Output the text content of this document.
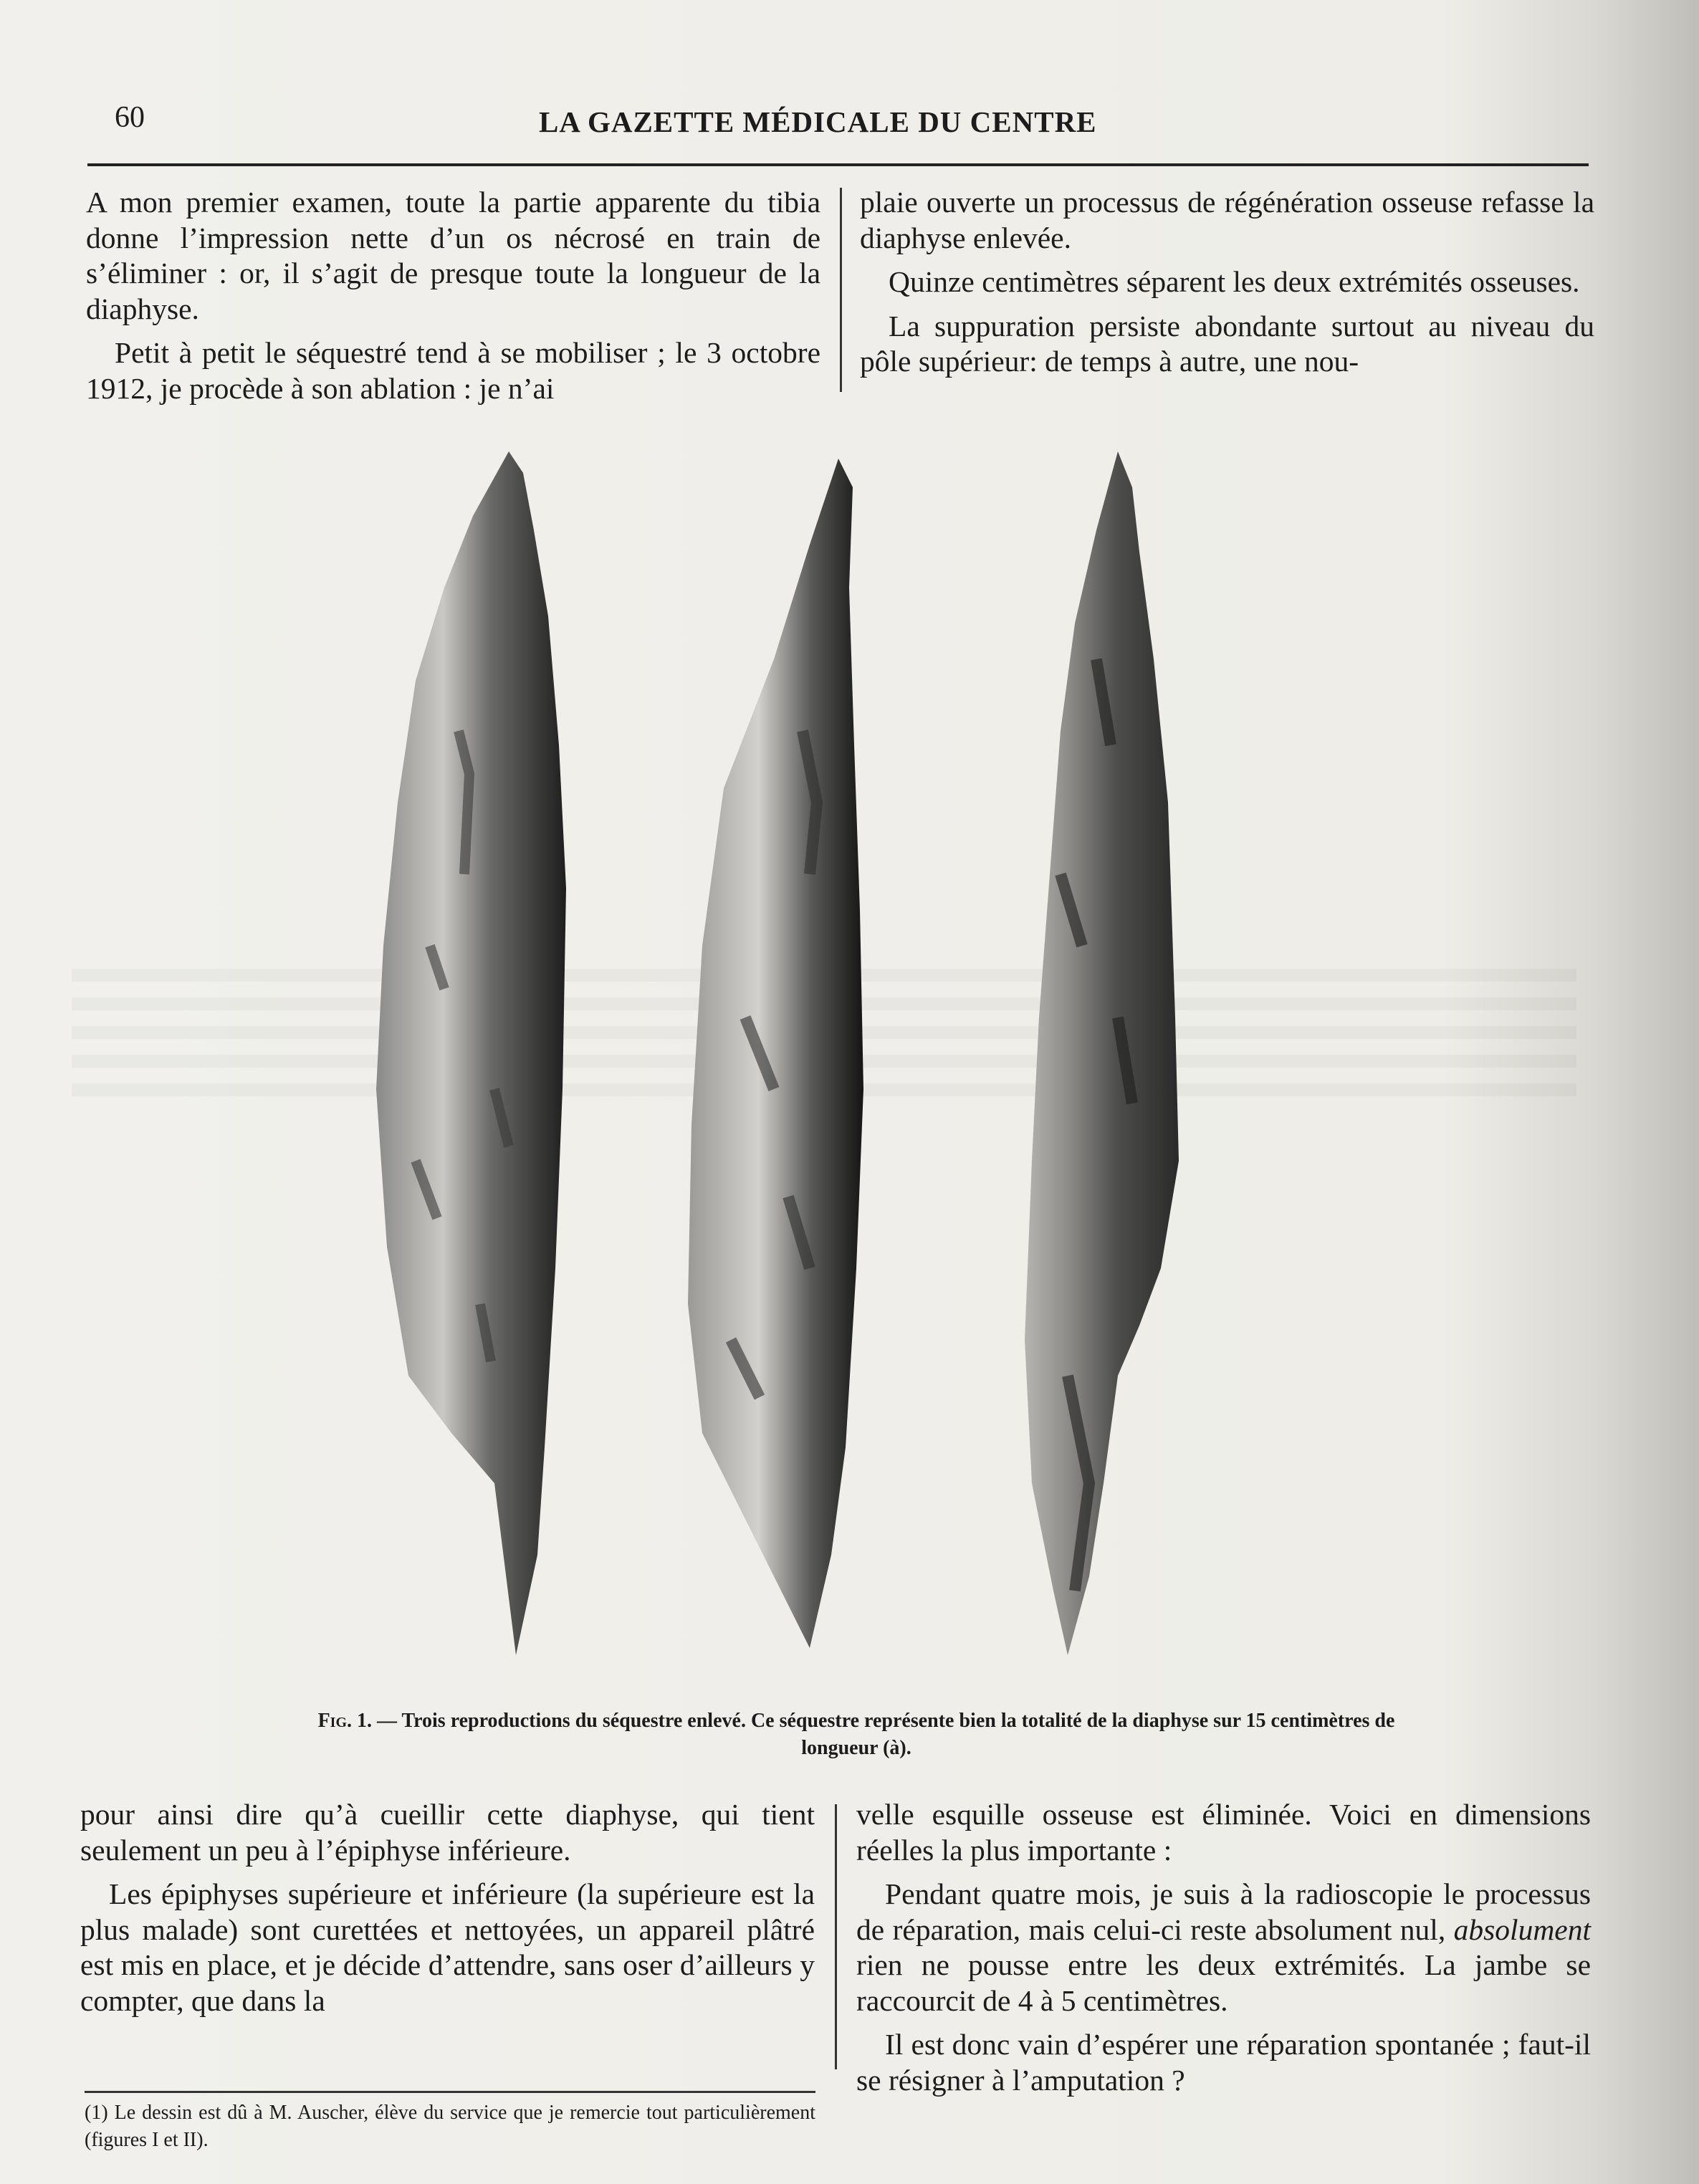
60	LA GAZETTE MÉDICALE DU CENTRE

A mon premier examen, toute la partie apparente du tibia donne l’impression nette d’un os nécrosé en train de s’éliminer : or, il s’agit de presque toute la longueur de la diaphyse.

Petit à petit le séquestré tend à se mobiliser ; le 3 octobre 1912, je procède à son ablation : je n’ai

plaie ouverte un processus de régénération osseuse refasse la diaphyse enlevée.

Quinze centimètres séparent les deux extrémités osseuses.

La suppuration persiste abondante surtout au niveau du pôle supérieur: de temps à autre, une nou-

Fig. 1. — Trois reproductions du séquestre enlevé. Ce séquestre représente bien la totalité de la diaphyse sur 15 centimètres de longueur (à).

pour ainsi dire qu’à cueillir cette diaphyse, qui tient seulement un peu à l’épiphyse inférieure.

Les épiphyses supérieure et inférieure (la supérieure est la plus malade) sont curettées et nettoyées, un appareil plâtré est mis en place, et je décide d’attendre, sans oser d’ailleurs y compter, que dans la

velle esquille osseuse est éliminée. Voici en dimensions réelles la plus importante :

Pendant quatre mois, je suis à la radioscopie le processus de réparation, mais celui-ci reste absolument nul, absolument rien ne pousse entre les deux extrémités. La jambe se raccourcit de 4 à 5 centimètres.

Il est donc vain d’espérer une réparation spontanée ; faut-il se résigner à l’amputation ?

(1) Le dessin est dû à M. Auscher, élève du service que je remercie tout particulièrement (figures I et II).
